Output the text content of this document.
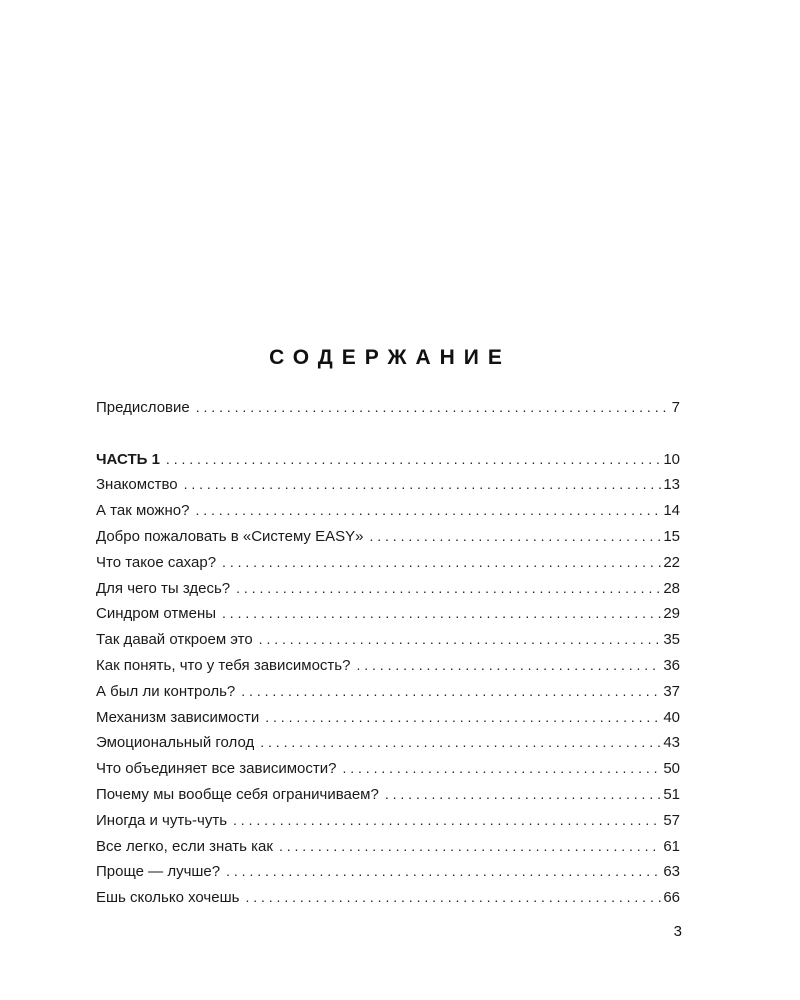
СОДЕРЖАНИЕ
Предисловие . . .	7
ЧАСТЬ 1 . . .	10
Знакомство . . .	13
А так можно? . . .	14
Добро пожаловать в «Систему EASY» . . .	15
Что такое сахар? . . .	22
Для чего ты здесь? . . .	28
Синдром отмены . . .	29
Так давай откроем это . . .	35
Как понять, что у тебя зависимость? . . .	36
А был ли контроль? . . .	37
Механизм зависимости . . .	40
Эмоциональный голод . . .	43
Что объединяет все зависимости? . . .	50
Почему мы вообще себя ограничиваем? . . .	51
Иногда и чуть-чуть . . .	57
Все легко, если знать как . . .	61
Проще — лучше? . . .	63
Ешь сколько хочешь . . .	66
3
